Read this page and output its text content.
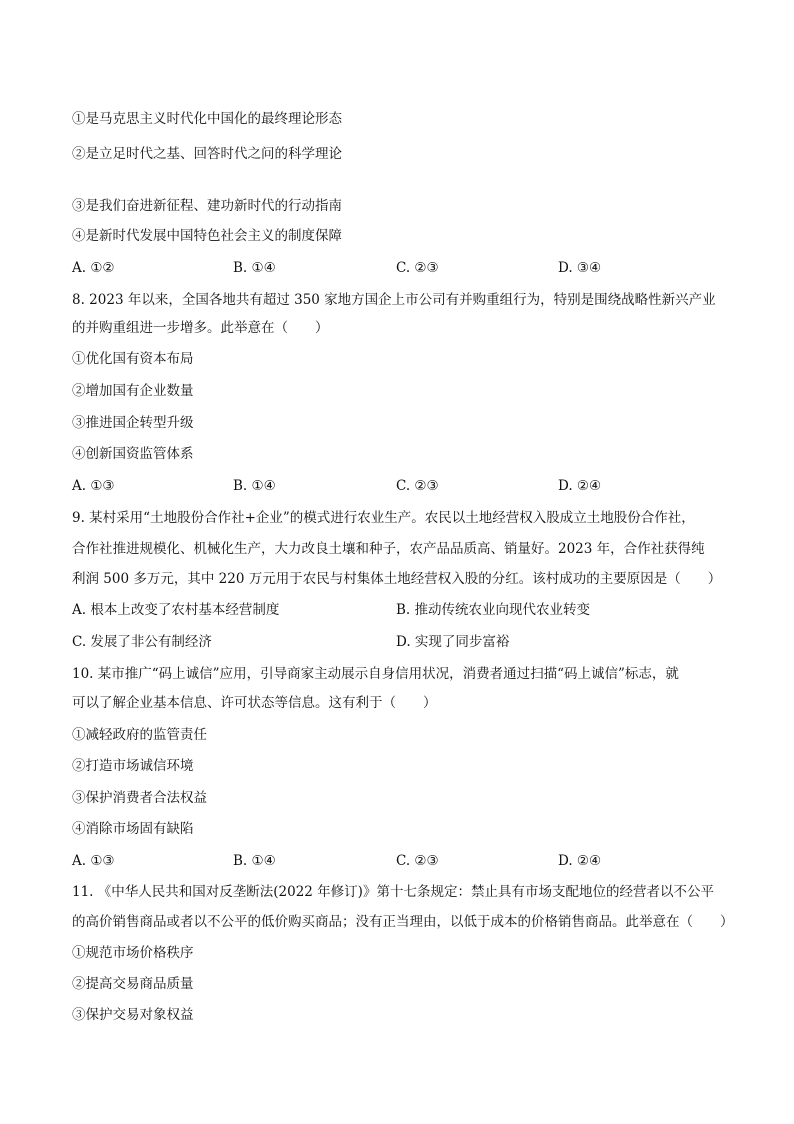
①是马克思主义时代化中国化的最终理论形态
②是立足时代之基、回答时代之问的科学理论
③是我们奋进新征程、建功新时代的行动指南
④是新时代发展中国特色社会主义的制度保障
A. ①②	B. ①④	C. ②③	D. ③④
8. 2023 年以来，全国各地共有超过 350 家地方国企上市公司有并购重组行为，特别是围绕战略性新兴产业
的并购重组进一步增多。此举意在（　　）
①优化国有资本布局
②增加国有企业数量
③推进国企转型升级
④创新国资监管体系
A. ①③	B. ①④	C. ②③	D. ②④
9. 某村采用“土地股份合作社+企业”的模式进行农业生产。农民以土地经营权入股成立土地股份合作社，
合作社推进规模化、机械化生产，大力改良土壤和种子，农产品品质高、销量好。2023 年，合作社获得纯
利润 500 多万元，其中 220 万元用于农民与村集体土地经营权入股的分红。该村成功的主要原因是（　　）
A. 根本上改变了农村基本经营制度	B. 推动传统农业向现代农业转变
C. 发展了非公有制经济	D. 实现了同步富裕
10. 某市推广“码上诚信”应用，引导商家主动展示自身信用状况，消费者通过扫描“码上诚信”标志，就
可以了解企业基本信息、许可状态等信息。这有利于（　　）
①减轻政府的监管责任
②打造市场诚信环境
③保护消费者合法权益
④消除市场固有缺陷
A. ①③	B. ①④	C. ②③	D. ②④
11. 《中华人民共和国对反垄断法(2022 年修订)》第十七条规定：禁止具有市场支配地位的经营者以不公平
的高价销售商品或者以不公平的低价购买商品；没有正当理由，以低于成本的价格销售商品。此举意在（　　）
①规范市场价格秩序
②提高交易商品质量
③保护交易对象权益
